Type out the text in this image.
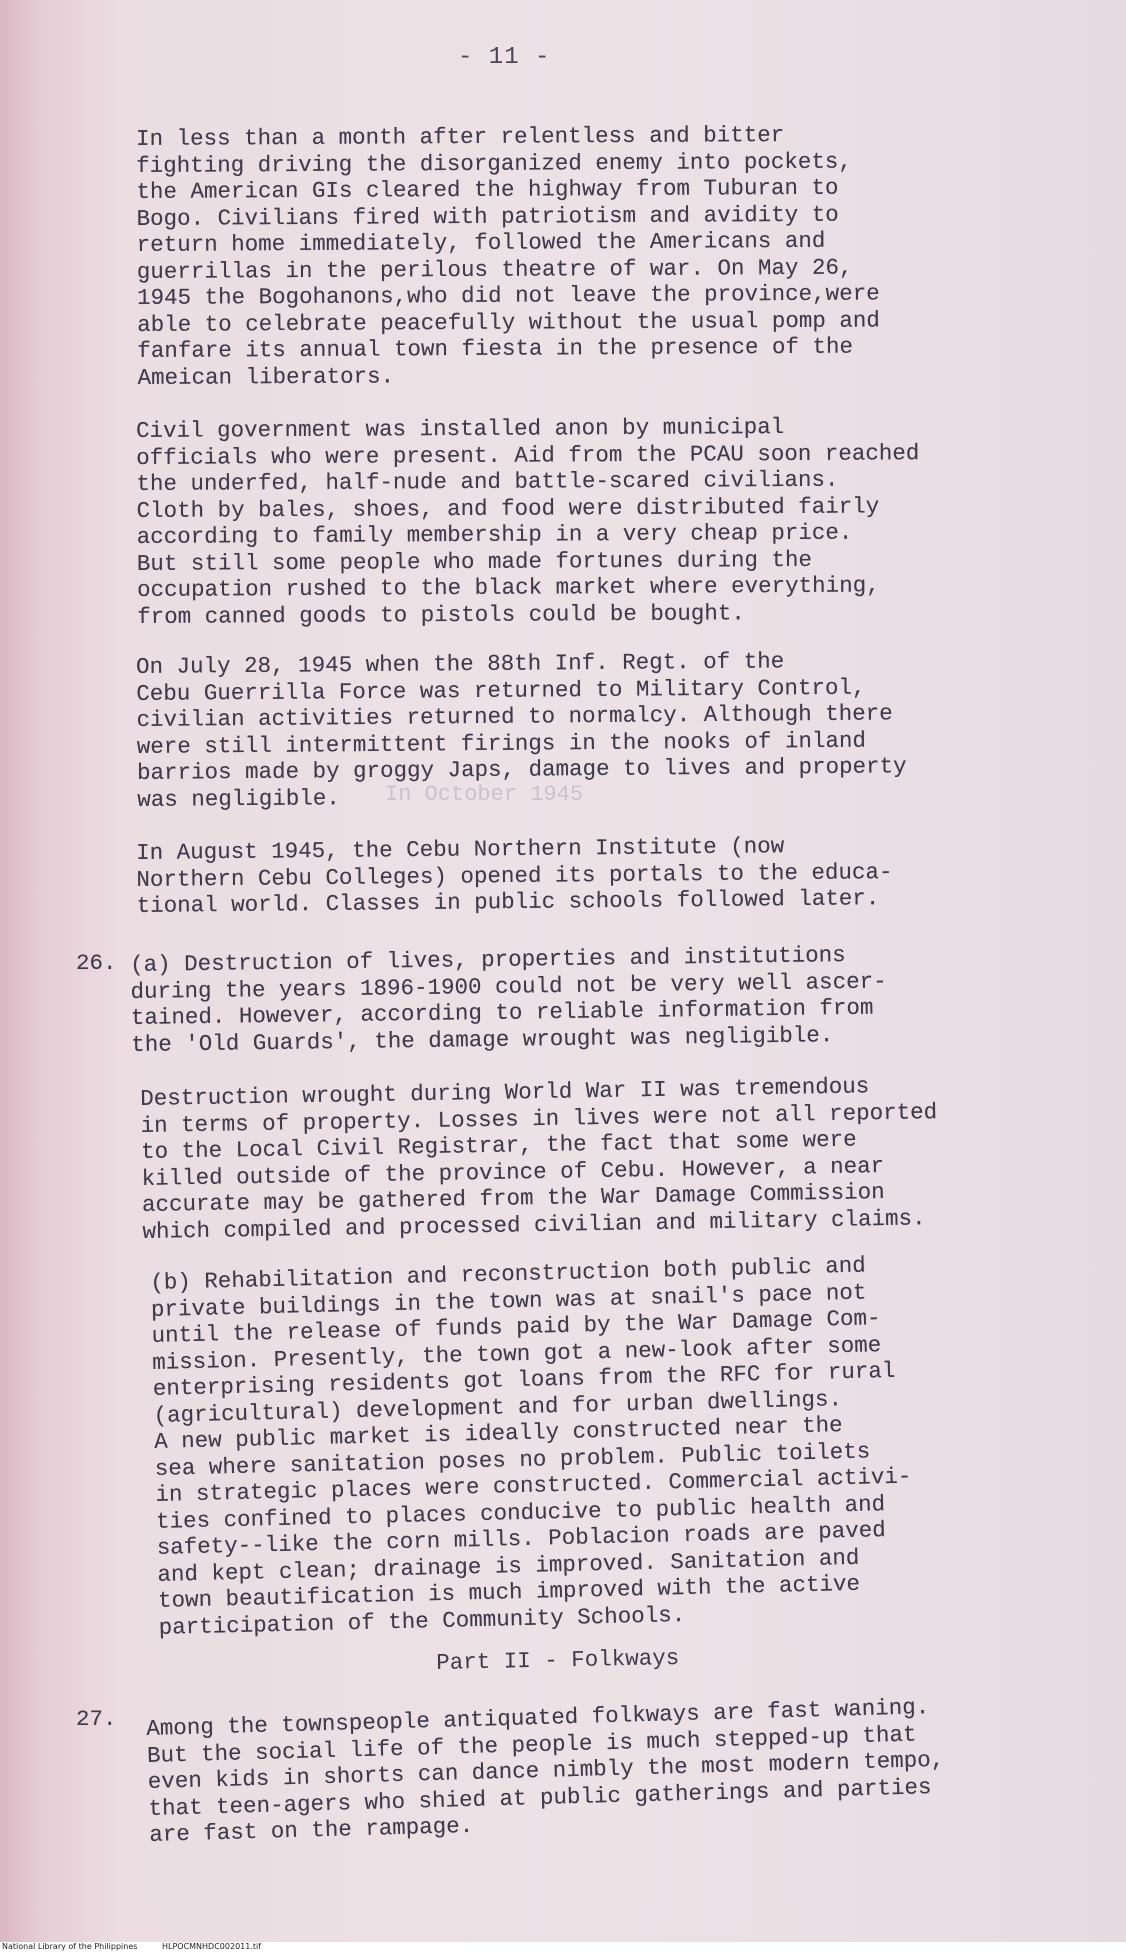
- 11 -
In less than a month after relentless and bitter
fighting driving the disorganized enemy into pockets,
the American GIs cleared the highway from Tuburan to
Bogo. Civilians fired with patriotism and avidity to
return home immediately, followed the Americans and
guerrillas in the perilous theatre of war. On May 26,
1945 the Bogohanons,who did not leave the province,were
able to celebrate peacefully without the usual pomp and
fanfare its annual town fiesta in the presence of the
Ameican liberators.
Civil government was installed anon by municipal
officials who were present. Aid from the PCAU soon reached
the underfed, half-nude and battle-scared civilians.
Cloth by bales, shoes, and food were distributed fairly
according to family membership in a very cheap price.
But still some people who made fortunes during the
occupation rushed to the black market where everything,
from canned goods to pistols could be bought.
On July 28, 1945 when the 88th Inf. Regt. of the
Cebu Guerrilla Force was returned to Military Control,
civilian activities returned to normalcy. Although there
were still intermittent firings in the nooks of inland
barrios made by groggy Japs, damage to lives and property
was negligible.	In October 1945
In August 1945, the Cebu Northern Institute (now
Northern Cebu Colleges) opened its portals to the educa-
tional world. Classes in public schools followed later.
26. (a) Destruction of lives, properties and institutions
during the years 1896-1900 could not be very well ascer-
tained. However, according to reliable information from
the 'Old Guards', the damage wrought was negligible.
Destruction wrought during World War II was tremendous
in terms of property. Losses in lives were not all reported
to the Local Civil Registrar, the fact that some were
killed outside of the province of Cebu. However, a near
accurate may be gathered from the War Damage Commission
which compiled and processed civilian and military claims.
(b) Rehabilitation and reconstruction both public and
private buildings in the town was at snail's pace not
until the release of funds paid by the War Damage Com-
mission. Presently, the town got a new-look after some
enterprising residents got loans from the RFC for rural
(agricultural) development and for urban dwellings.
A new public market is ideally constructed near the
sea where sanitation poses no problem. Public toilets
in strategic places were constructed. Commercial activi-
ties confined to places conducive to public health and
safety--like the corn mills. Poblacion roads are paved
and kept clean; drainage is improved. Sanitation and
town beautification is much improved with the active
participation of the Community Schools.
Part II - Folkways
27. Among the townspeople antiquated folkways are fast waning.
But the social life of the people is much stepped-up that
even kids in shorts can dance nimbly the most modern tempo,
that teen-agers who shied at public gatherings and parties
are fast on the rampage.
National Library of the Philippines	HLPOCMNHDC002011.tif
